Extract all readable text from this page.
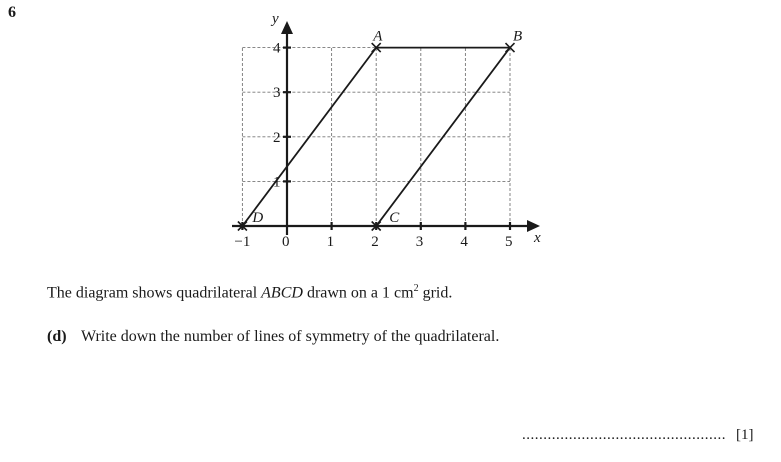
6
x
y
−1 0 1 2 3 4 5
1
2
3
4
A	B
C
D
The diagram shows quadrilateral ABCD drawn on a 1 $cm^2$ grid.
(d) Write down the number of lines of symmetry of the quadrilateral.
................................................ [1]
